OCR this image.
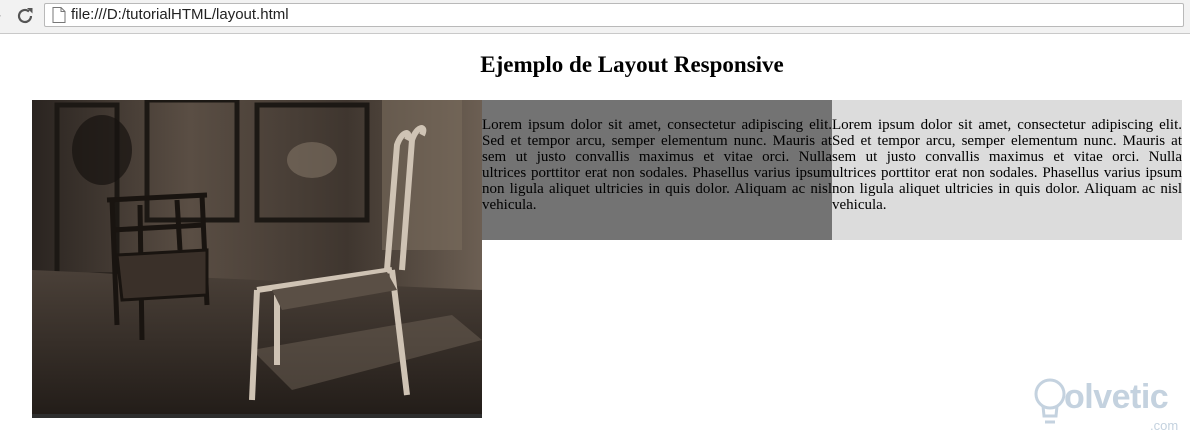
file:///D:/tutorialHTML/layout.html
Ejemplo de Layout Responsive
Lorem ipsum dolor sit amet, consectetur adipiscing elit. Sed et tempor arcu, semper elementum nunc. Mauris at sem ut justo convallis maximus et vitae orci. Nulla ultrices porttitor erat non sodales. Phasellus varius ipsum non ligula aliquet ultricies in quis dolor. Aliquam ac nisl vehicula.
Lorem ipsum dolor sit amet, consectetur adipiscing elit. Sed et tempor arcu, semper elementum nunc. Mauris at sem ut justo convallis maximus et vitae orci. Nulla ultrices porttitor erat non sodales. Phasellus varius ipsum non ligula aliquet ultricies in quis dolor. Aliquam ac nisl vehicula.
olvetic
.com
